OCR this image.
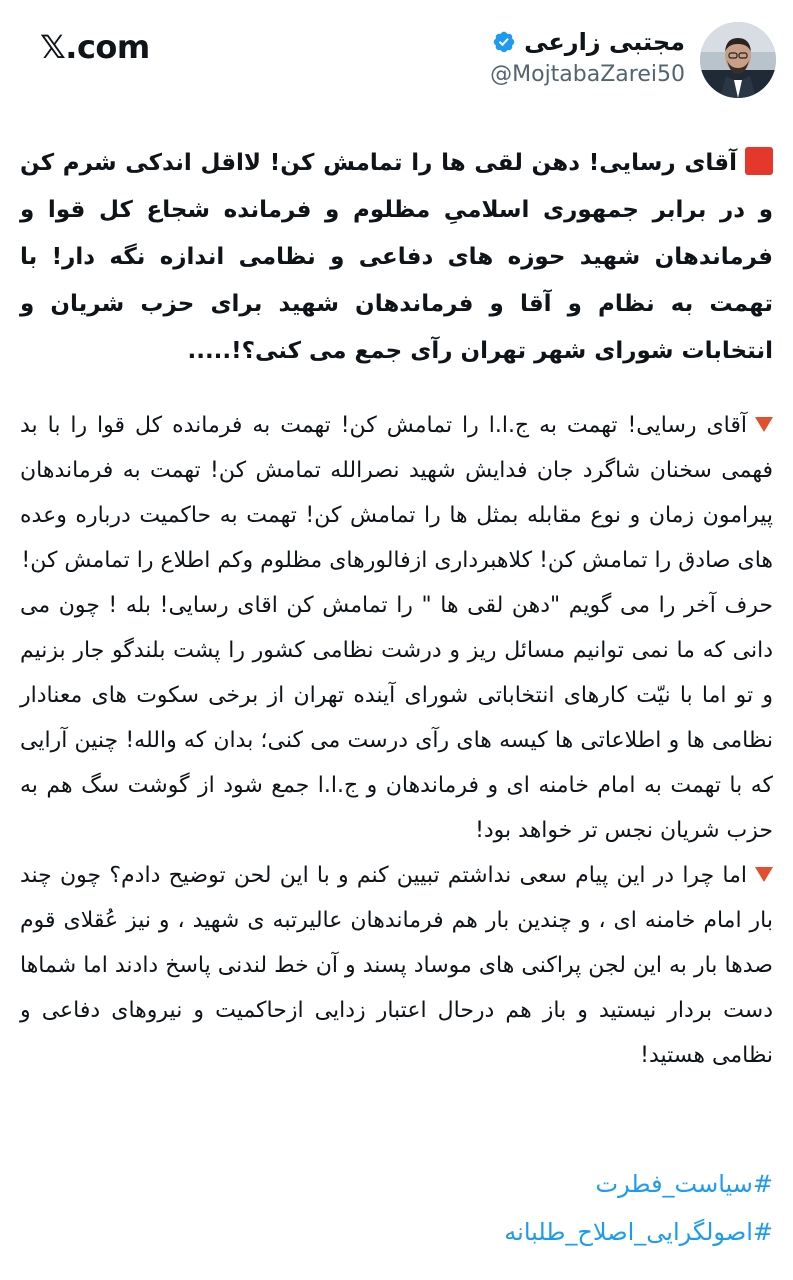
𝕏.com	مجتبی زارعی
@MojtabaZarei50

آقای رسایی! دهن لقی ها را تمامش کن! لااقل اندکی شرم کن و در برابر جمهوری اسلامیِ مظلوم و فرمانده شجاع کل قوا و فرماندهان شهید حوزه های دفاعی و نظامی اندازه نگه دار! با تهمت به نظام و آقا و فرماندهان شهید برای حزب شریان و انتخابات شورای شهر تهران رآی جمع می کنی؟!.....

آقای رسایی! تهمت به ج.ا.ا را تمامش کن! تهمت به فرمانده کل قوا را با بد فهمی سخنان شاگرد جان فدایش شهید نصرالله تمامش کن! تهمت به فرماندهان پیرامون زمان و نوع مقابله بمثل ها را تمامش کن! تهمت به حاکمیت درباره وعده های صادق را تمامش کن! کلاهبرداری ازفالورهای مظلوم وکم اطلاع را تمامش کن!

حرف آخر را می گویم "دهن لقی ها " را تمامش کن اقای رسایی! بله ! چون می دانی که ما نمی توانیم مسائل ریز و درشت نظامی کشور را پشت بلندگو جار بزنیم و تو اما با نیّت کارهای انتخاباتی شورای آینده تهران از برخی سکوت های معنادار نظامی ها و اطلاعاتی ها کیسه های رآی درست می کنی؛ بدان که والله! چنین آرایی که با تهمت به امام خامنه ای و فرماندهان و ج.ا.ا جمع شود از گوشت سگ هم به حزب شریان نجس تر خواهد بود!

اما چرا در این پیام سعی نداشتم تبیین کنم و با این لحن توضیح دادم؟ چون چند بار امام خامنه ای ، و چندین بار هم فرماندهان عالیرتبه ی شهید ، و نیز عُقلای قوم صدها بار به این لجن پراکنی های موساد پسند و آن خط لندنی پاسخ دادند اما شماها دست بردار نیستید و باز هم درحال اعتبار زدایی ازحاکمیت و نیروهای دفاعی و نظامی هستید!

#سیاست_فطرت
#اصولگرایی_اصلاح_طلبانه
